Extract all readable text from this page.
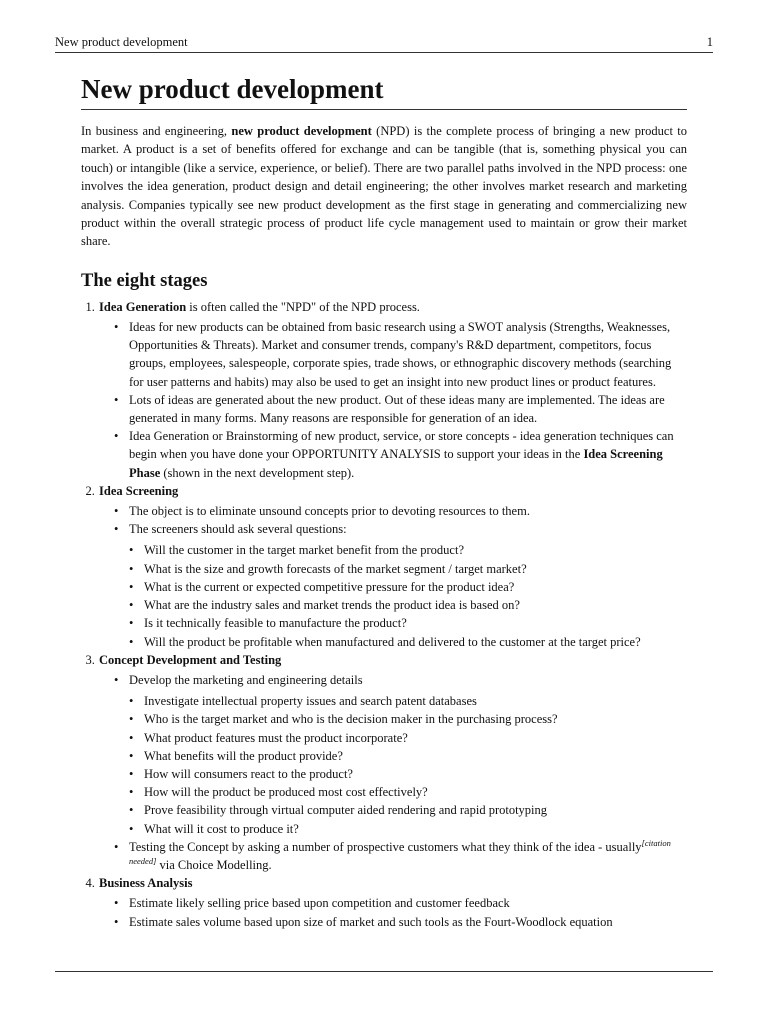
New product development	1
New product development

In business and engineering, new product development (NPD) is the complete process of bringing a new product to market. A product is a set of benefits offered for exchange and can be tangible (that is, something physical you can touch) or intangible (like a service, experience, or belief). There are two parallel paths involved in the NPD process: one involves the idea generation, product design and detail engineering; the other involves market research and marketing analysis. Companies typically see new product development as the first stage in generating and commercializing new product within the overall strategic process of product life cycle management used to maintain or grow their market share.

The eight stages
1. Idea Generation is often called the "NPD" of the NPD process.
• Ideas for new products can be obtained from basic research using a SWOT analysis (Strengths, Weaknesses, Opportunities & Threats). Market and consumer trends, company's R&D department, competitors, focus groups, employees, salespeople, corporate spies, trade shows, or ethnographic discovery methods (searching for user patterns and habits) may also be used to get an insight into new product lines or product features.
• Lots of ideas are generated about the new product. Out of these ideas many are implemented. The ideas are generated in many forms. Many reasons are responsible for generation of an idea.
• Idea Generation or Brainstorming of new product, service, or store concepts - idea generation techniques can begin when you have done your OPPORTUNITY ANALYSIS to support your ideas in the Idea Screening Phase (shown in the next development step).
2. Idea Screening
• The object is to eliminate unsound concepts prior to devoting resources to them.
• The screeners should ask several questions:
• Will the customer in the target market benefit from the product?
• What is the size and growth forecasts of the market segment / target market?
• What is the current or expected competitive pressure for the product idea?
• What are the industry sales and market trends the product idea is based on?
• Is it technically feasible to manufacture the product?
• Will the product be profitable when manufactured and delivered to the customer at the target price?
3. Concept Development and Testing
• Develop the marketing and engineering details
• Investigate intellectual property issues and search patent databases
• Who is the target market and who is the decision maker in the purchasing process?
• What product features must the product incorporate?
• What benefits will the product provide?
• How will consumers react to the product?
• How will the product be produced most cost effectively?
• Prove feasibility through virtual computer aided rendering and rapid prototyping
• What will it cost to produce it?
• Testing the Concept by asking a number of prospective customers what they think of the idea - usually[citation needed] via Choice Modelling.
4. Business Analysis
• Estimate likely selling price based upon competition and customer feedback
• Estimate sales volume based upon size of market and such tools as the Fourt-Woodlock equation
